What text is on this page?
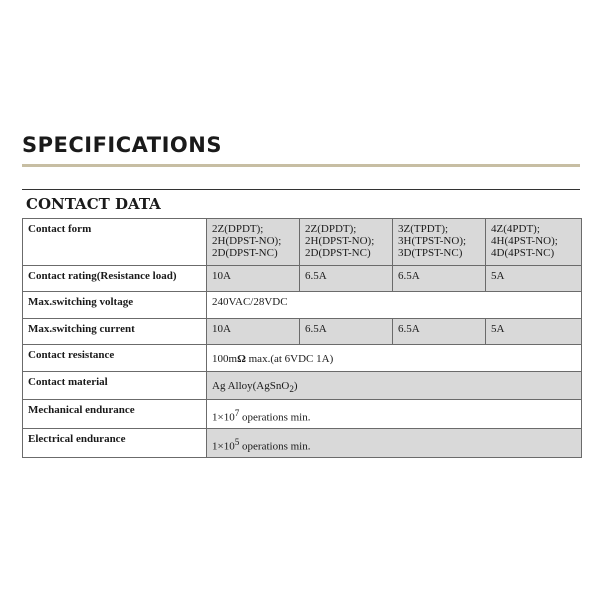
SPECIFICATIONS
CONTACT DATA
Contact form	2Z(DPDT);
2H(DPST-NO);
2D(DPST-NC)	2Z(DPDT);
2H(DPST-NO);
2D(DPST-NC)	3Z(TPDT);
3H(TPST-NO);
3D(TPST-NC)	4Z(4PDT);
4H(4PST-NO);
4D(4PST-NC)

Contact rating(Resistance load)	10A	6.5A	6.5A	5A
Max.switching voltage	240VAC/28VDC			
Max.switching current	10A	6.5A	6.5A	5A
Contact resistance	100mΩ max.(at 6VDC 1A)			
Contact material	Ag Alloy(AgSnO$_2$)			
Mechanical endurance	$1\times 10^7$ operations min.			
Electrical endurance	$1\times 10^5$ operations min.			
